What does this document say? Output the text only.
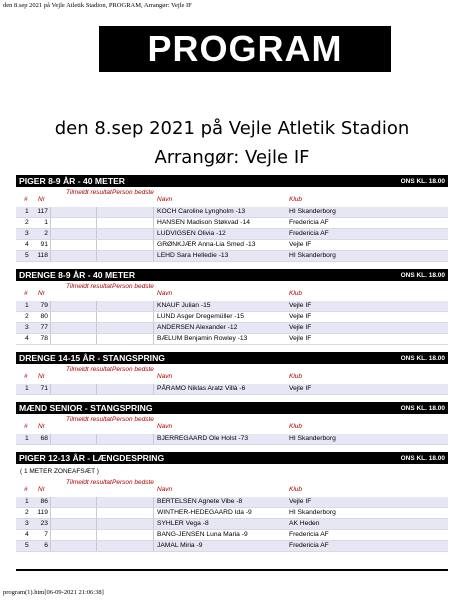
den 8.sep 2021 på Vejle Atletik Stadion, PROGRAM, Arrangør: Vejle IF
PROGRAM
den 8.sep 2021 på Vejle Atletik Stadion
Arrangør: Vejle IF
PIGER 8-9 ÅR - 40 METER	ONS KL. 18.00
# Nr
Tilmeldt resultat Person bedste
Navn	Klub
1	117	KOCH Caroline Lyngholm -13	HI Skanderborg
2	1	HANSEN Madison Støkvad -14	Fredericia AF
3	2	LUDVIGSEN Olivia -12	Fredericia AF
4	91	GRØNKJÆR Anna-Lia Smed -13	Vejle IF
5	118	LEHD Sara Helledie -13	HI Skanderborg
DRENGE 8-9 ÅR - 40 METER	ONS KL. 18.00
# Nr
Tilmeldt resultat Person bedste
Navn	Klub
1	79	KNAUF Julian -15	Vejle IF
2	80	LUND Asger Dregemüller -15	Vejle IF
3	77	ANDERSEN Alexander -12	Vejle IF
4	78	BÆLUM Benjamin Rowley -13	Vejle IF
DRENGE 14-15 ÅR - STANGSPRING	ONS KL. 18.00
# Nr
Tilmeldt resultat Person bedste
Navn	Klub
1	71	PÅRAMO Niklas Aratz Villà -6	Vejle IF
MÆND SENIOR - STANGSPRING	ONS KL. 18.00
# Nr
Tilmeldt resultat Person bedste
Navn	Klub
1	68	BJERREGAARD Ole Holst -73	HI Skanderborg
PIGER 12-13 ÅR - LÆNGDESPRING	ONS KL. 18.00
( 1 METER ZONEAFSÆT )
# Nr
Tilmeldt resultat Person bedste
Navn	Klub
1	86	BERTELSEN Agnete Vibe -8	Vejle IF
2	119	WINTHER-HEDEGAARD Ida -9	HI Skanderborg
3	23	SYHLER Vega -8	AK Heden
4	7	BANG-JENSEN Luna Maria -9	Fredericia AF
5	6	JAMAL Miria -9	Fredericia AF
program(1).htm[06-09-2021 21:06:38]
